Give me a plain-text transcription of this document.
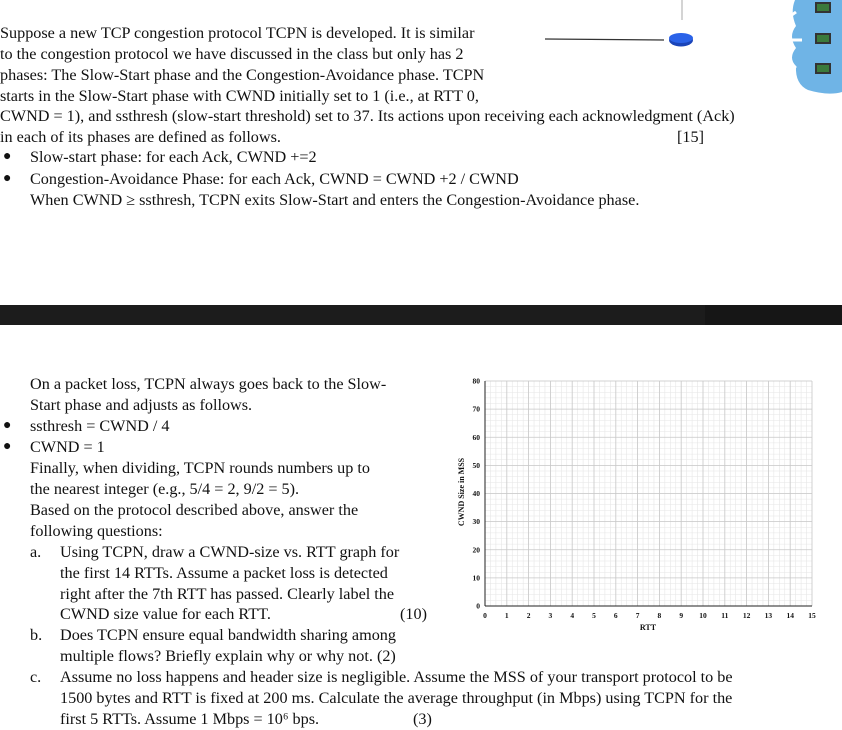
Suppose a new TCP congestion protocol TCPN is developed. It is similar
to the congestion protocol we have discussed in the class but only has 2
phases: The Slow-Start phase and the Congestion-Avoidance phase. TCPN
starts in the Slow-Start phase with CWND initially set to 1 (i.e., at RTT 0,
CWND = 1), and ssthresh (slow-start threshold) set to 37. Its actions upon receiving each acknowledgment (Ack)
in each of its phases are defined as follows.	[15]
● Slow-start phase: for each Ack, CWND +=2
● Congestion-Avoidance Phase: for each Ack, CWND = CWND +2 / CWND
When CWND ≥ ssthresh, TCPN exits Slow-Start and enters the Congestion-Avoidance phase.
On a packet loss, TCPN always goes back to the Slow-
Start phase and adjusts as follows.
● ssthresh = CWND / 4
● CWND = 1
Finally, when dividing, TCPN rounds numbers up to
the nearest integer (e.g., 5/4 = 2, 9/2 = 5).
Based on the protocol described above, answer the
following questions:
a. Using TCPN, draw a CWND-size vs. RTT graph for
the first 14 RTTs. Assume a packet loss is detected
right after the 7th RTT has passed. Clearly label the
CWND size value for each RTT.	(10)
b. Does TCPN ensure equal bandwidth sharing among
multiple flows? Briefly explain why or why not. (2)
c. Assume no loss happens and header size is negligible. Assume the MSS of your transport protocol to be
1500 bytes and RTT is fixed at 200 ms. Calculate the average throughput (in Mbps) using TCPN for the
first 5 RTTs. Assume 1 Mbps = 10⁶ bps.	(3)
0 1 2 3 4 5 6 7 8 9 10 11 12 13 14 15
0
10
20
30
40
50
60
70
80
RTT
CWND Size in MSS
